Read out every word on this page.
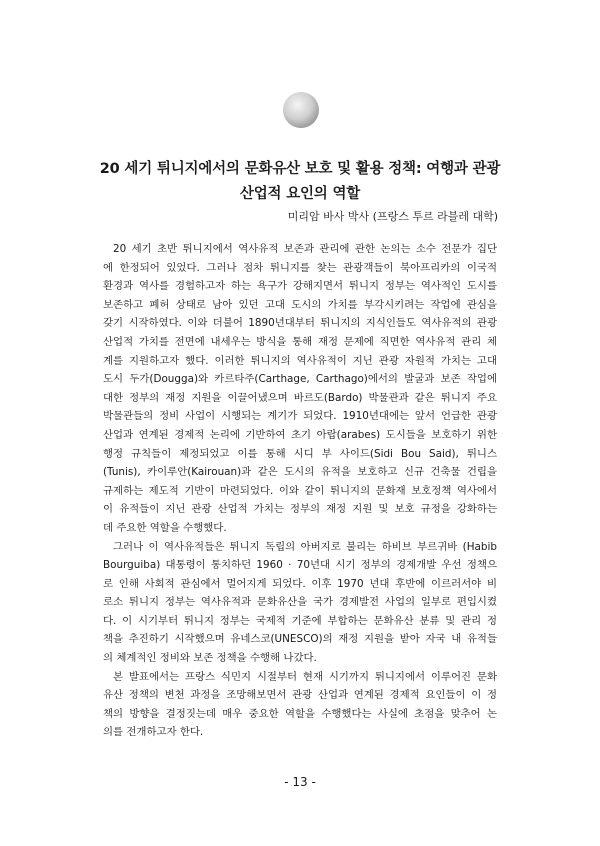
20 세기 튀니지에서의 문화유산 보호 및 활용 정책: 여행과 관광
산업적 요인의 역할
미리암 바사 박사 (프랑스 투르 라블레 대학)
20 세기 초반 튀니지에서 역사유적 보존과 관리에 관한 논의는 소수 전문가 집단
에 한정되어 있었다. 그러나 점차 튀니지를 찾는 관광객들이 북아프리카의 이국적
환경과 역사를 경험하고자 하는 욕구가 강해지면서 튀니지 정부는 역사적인 도시를
보존하고 폐허 상태로 남아 있던 고대 도시의 가치를 부각시키려는 작업에 관심을
갖기 시작하였다. 이와 더불어 1890년대부터 튀니지의 지식인들도 역사유적의 관광
산업적 가치를 전면에 내세우는 방식을 통해 재정 문제에 직면한 역사유적 관리 체
계를 지원하고자 했다. 이러한 튀니지의 역사유적이 지닌 관광 자원적 가치는 고대
도시 두가(Dougga)와 카르타주(Carthage, Carthago)에서의 발굴과 보존 작업에
대한 정부의 재정 지원을 이끌어냈으며 바르도(Bardo) 박물관과 같은 튀니지 주요
박물관들의 정비 사업이 시행되는 계기가 되었다. 1910년대에는 앞서 언급한 관광
산업과 연계된 경제적 논리에 기반하여 초기 아랍(arabes) 도시들을 보호하기 위한
행정 규칙들이 제정되었고 이를 통해 시디 부 사이드(Sidi Bou Said), 튀니스
(Tunis), 카이루안(Kairouan)과 같은 도시의 유적을 보호하고 신규 건축물 건립을
규제하는 제도적 기반이 마련되었다. 이와 같이 튀니지의 문화재 보호정책 역사에서
이 유적들이 지닌 관광 산업적 가치는 정부의 재정 지원 및 보호 규정을 강화하는
데 주요한 역할을 수행했다.
그러나 이 역사유적들은 튀니지 독립의 아버지로 불리는 하비브 부르귀바 (Habib
Bourguiba) 대통령이 통치하던 1960 · 70년대 시기 정부의 경제개발 우선 정책으
로 인해 사회적 관심에서 멀어지게 되었다. 이후 1970 년대 후반에 이르러서야 비
로소 튀니지 정부는 역사유적과 문화유산을 국가 경제발전 사업의 일부로 편입시켰
다. 이 시기부터 튀니지 정부는 국제적 기준에 부합하는 문화유산 분류 및 관리 정
책을 추진하기 시작했으며 유네스코(UNESCO)의 재정 지원을 받아 자국 내 유적들
의 체계적인 정비와 보존 정책을 수행해 나갔다.
본 발표에서는 프랑스 식민지 시절부터 현재 시기까지 튀니지에서 이루어진 문화
유산 정책의 변천 과정을 조망해보면서 관광 산업과 연계된 경제적 요인들이 이 정
책의 방향을 결정짓는데 매우 중요한 역할을 수행했다는 사실에 초점을 맞추어 논
의를 전개하고자 한다.
- 13 -
